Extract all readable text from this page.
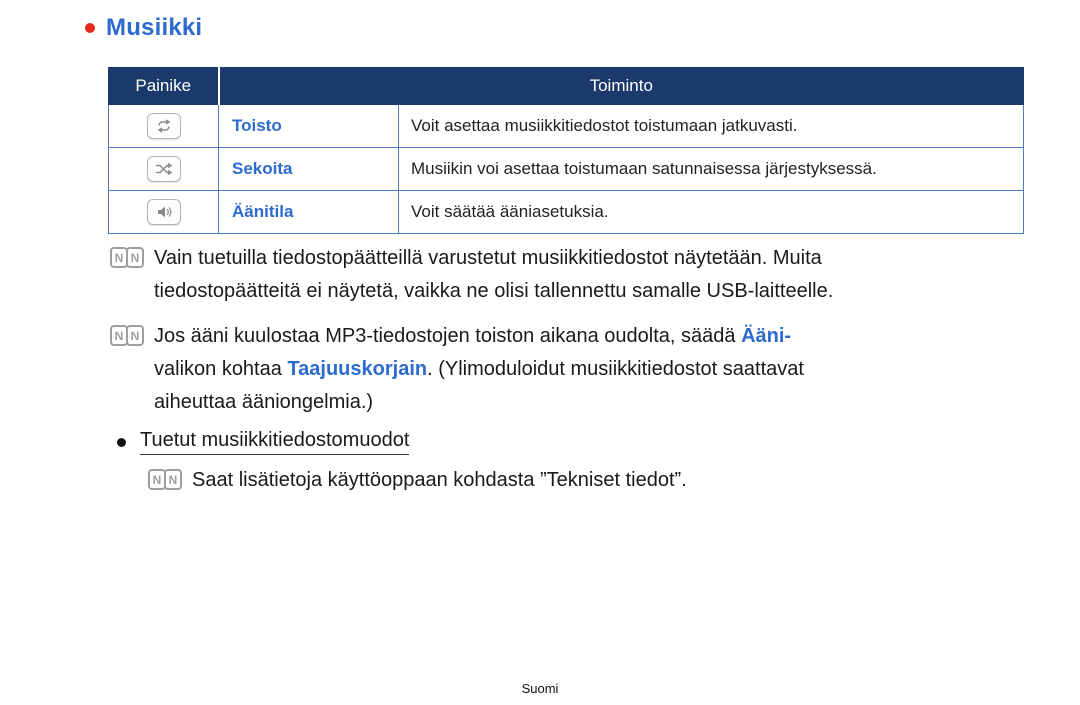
Musiikki
Painike	Toiminto	

	Toisto	Voit asettaa musiikkitiedostot toistumaan jatkuvasti.

	Sekoita	Musiikin voi asettaa toistumaan satunnaisessa järjestyksessä.

	Äänitila	Voit säätää ääniasetuksia.
N N Vain tuetuilla tiedostopäätteillä varustetut musiikkitiedostot näytetään. Muita
tiedostopäätteitä ei näytetä, vaikka ne olisi tallennettu samalle USB-laitteelle.
N N Jos ääni kuulostaa MP3-tiedostojen toiston aikana oudolta, säädä Ääni-
valikon kohtaa Taajuuskorjain. (Ylimoduloidut musiikkitiedostot saattavat
aiheuttaa ääniongelmia.)
Tuetut musiikkitiedostomuodot
N N Saat lisätietoja käyttöoppaan kohdasta ”Tekniset tiedot”.
Suomi
